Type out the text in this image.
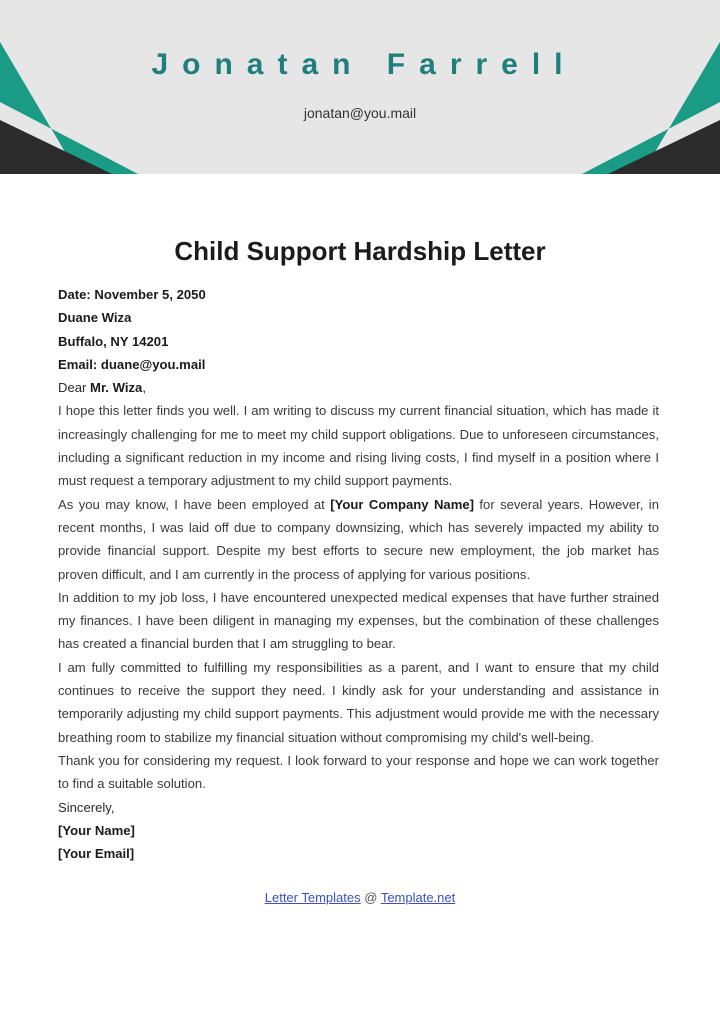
Jonatan Farrell
jonatan@you.mail
Child Support Hardship Letter
Date: November 5, 2050
Duane Wiza
Buffalo, NY 14201
Email: duane@you.mail
Dear Mr. Wiza,

I hope this letter finds you well. I am writing to discuss my current financial situation, which has made it increasingly challenging for me to meet my child support obligations. Due to unforeseen circumstances, including a significant reduction in my income and rising living costs, I find myself in a position where I must request a temporary adjustment to my child support payments.

As you may know, I have been employed at [Your Company Name] for several years. However, in recent months, I was laid off due to company downsizing, which has severely impacted my ability to provide financial support. Despite my best efforts to secure new employment, the job market has proven difficult, and I am currently in the process of applying for various positions.

In addition to my job loss, I have encountered unexpected medical expenses that have further strained my finances. I have been diligent in managing my expenses, but the combination of these challenges has created a financial burden that I am struggling to bear.

I am fully committed to fulfilling my responsibilities as a parent, and I want to ensure that my child continues to receive the support they need. I kindly ask for your understanding and assistance in temporarily adjusting my child support payments. This adjustment would provide me with the necessary breathing room to stabilize my financial situation without compromising my child's well-being.

Thank you for considering my request. I look forward to your response and hope we can work together to find a suitable solution.

Sincerely,
[Your Name]
[Your Email]
Letter Templates @ Template.net
